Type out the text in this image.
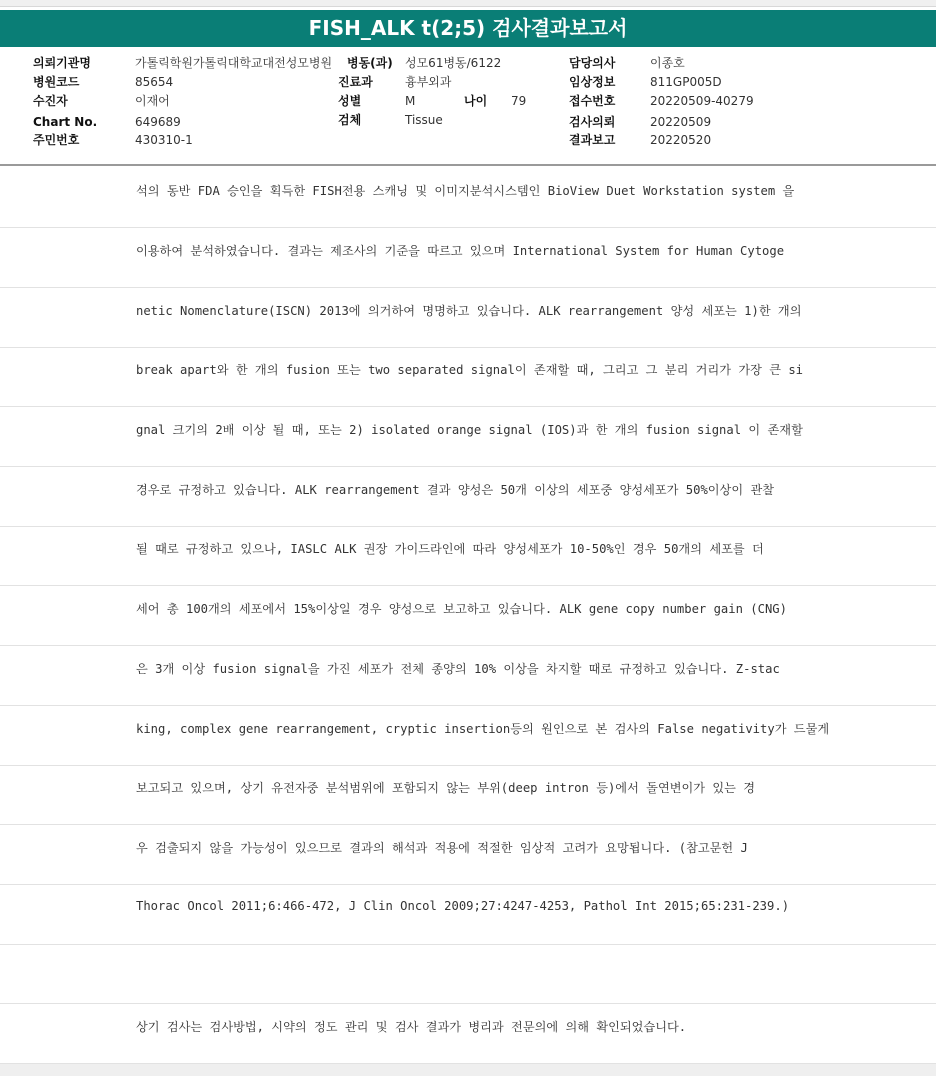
FISH_ALK t(2;5) 검사결과보고서
의뢰기관명	가톨릭학원가톨릭대학교대전성모병원 병동(과) 성모61병동/6122	담당의사	이종호
병원코드	85654	진료과	흉부외과	임상정보	811GP005D
수진자	이재어	성별	M	나이 79	접수번호	20220509-40279
Chart No.	649689	검체	Tissue	검사의뢰	20220509
주민번호	430310-1	결과보고	20220520
석의 동반 FDA 승인을 획득한 FISH전용 스캐닝 및 이미지분석시스템인 BioView Duet Workstation system 을
이용하여 분석하였습니다. 결과는 제조사의 기준을 따르고 있으며 International System for Human Cytoge
netic Nomenclature(ISCN) 2013에 의거하여 명명하고 있습니다. ALK rearrangement 양성 세포는 1)한 개의
break apart와 한 개의 fusion 또는 two separated signal이 존재할 때, 그리고 그 분리 거리가 가장 큰 si
gnal 크기의 2배 이상 될 때, 또는 2) isolated orange signal (IOS)과 한 개의 fusion signal 이 존재할
경우로 규정하고 있습니다. ALK rearrangement 결과 양성은 50개 이상의 세포중 양성세포가 50%이상이 관찰
될 때로 규정하고 있으나, IASLC ALK 권장 가이드라인에 따라 양성세포가 10-50%인 경우 50개의 세포를 더
세어 총 100개의 세포에서 15%이상일 경우 양성으로 보고하고 있습니다. ALK gene copy number gain (CNG)
은 3개 이상 fusion signal을 가진 세포가 전체 종양의 10% 이상을 차지할 때로 규정하고 있습니다. Z-stac
king, complex gene rearrangement, cryptic insertion등의 원인으로 본 검사의 False negativity가 드물게
보고되고 있으며, 상기 유전자중 분석범위에 포함되지 않는 부위(deep intron 등)에서 돌연변이가 있는 경
우 검출되지 않을 가능성이 있으므로 결과의 해석과 적용에 적절한 임상적 고려가 요망됩니다. (참고문헌 J
Thorac Oncol 2011;6:466-472, J Clin Oncol 2009;27:4247-4253, Pathol Int 2015;65:231-239.)
상기 검사는 검사방법, 시약의 정도 관리 및 검사 결과가 병리과 전문의에 의해 확인되었습니다.
